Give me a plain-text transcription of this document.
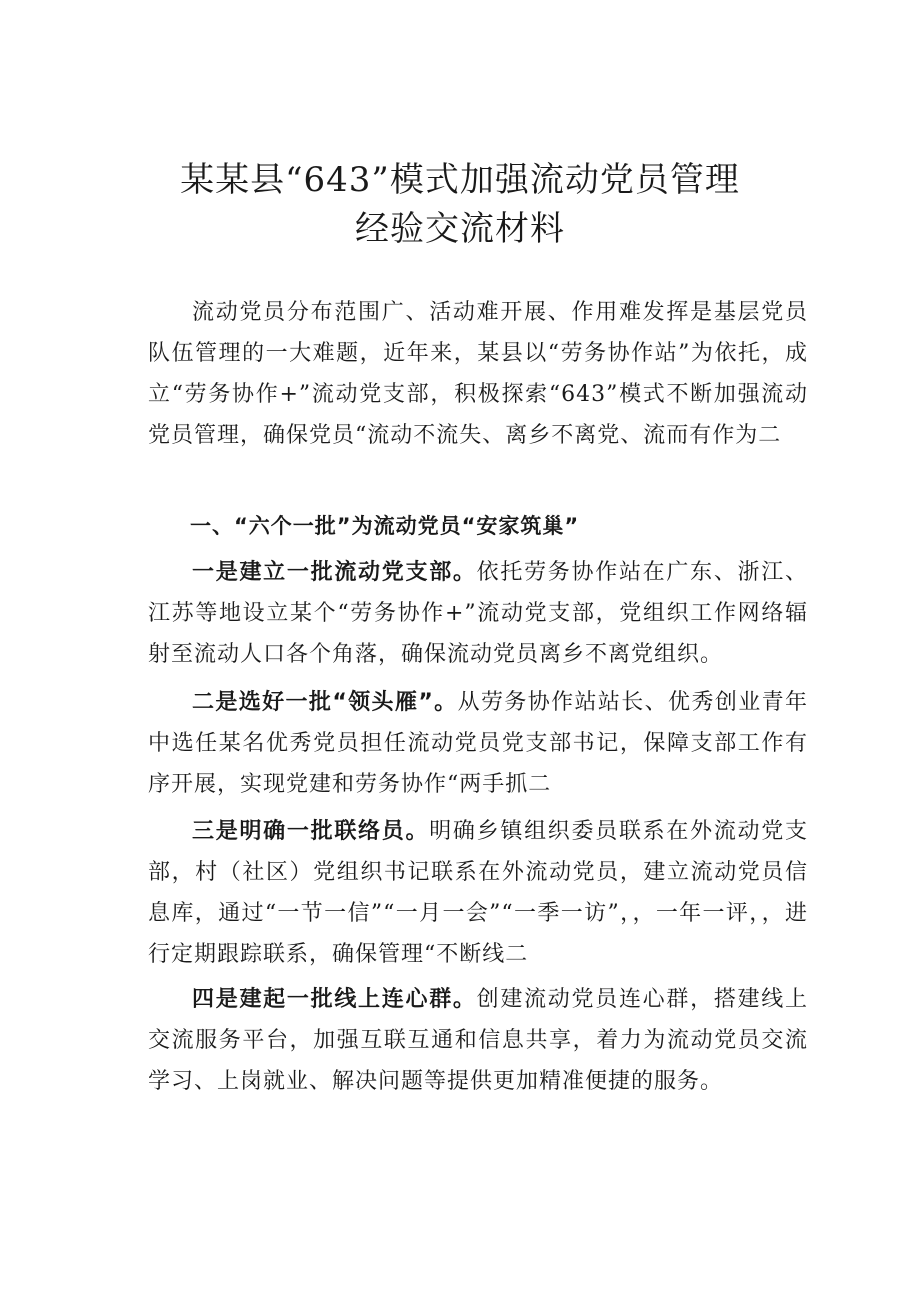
某某县“643”模式加强流动党员管理
经验交流材料

流动党员分布范围广、活动难开展、作用难发挥是基层党员队伍管理的一大难题，近年来，某县以“劳务协作站”为依托，成立“劳务协作+”流动党支部，积极探索“643”模式不断加强流动党员管理，确保党员“流动不流失、离乡不离党、流而有作为二

一、“六个一批”为流动党员“安家筑巢”

一是建立一批流动党支部。依托劳务协作站在广东、浙江、江苏等地设立某个“劳务协作+”流动党支部，党组织工作网络辐射至流动人口各个角落，确保流动党员离乡不离党组织。

二是选好一批“领头雁”。从劳务协作站站长、优秀创业青年中选任某名优秀党员担任流动党员党支部书记，保障支部工作有序开展，实现党建和劳务协作“两手抓二

三是明确一批联络员。明确乡镇组织委员联系在外流动党支部，村（社区）党组织书记联系在外流动党员，建立流动党员信息库，通过“一节一信”“一月一会”“一季一访”，，一年一评，，进行定期跟踪联系，确保管理“不断线二

四是建起一批线上连心群。创建流动党员连心群，搭建线上交流服务平台，加强互联互通和信息共享，着力为流动党员交流学习、上岗就业、解决问题等提供更加精准便捷的服务。
